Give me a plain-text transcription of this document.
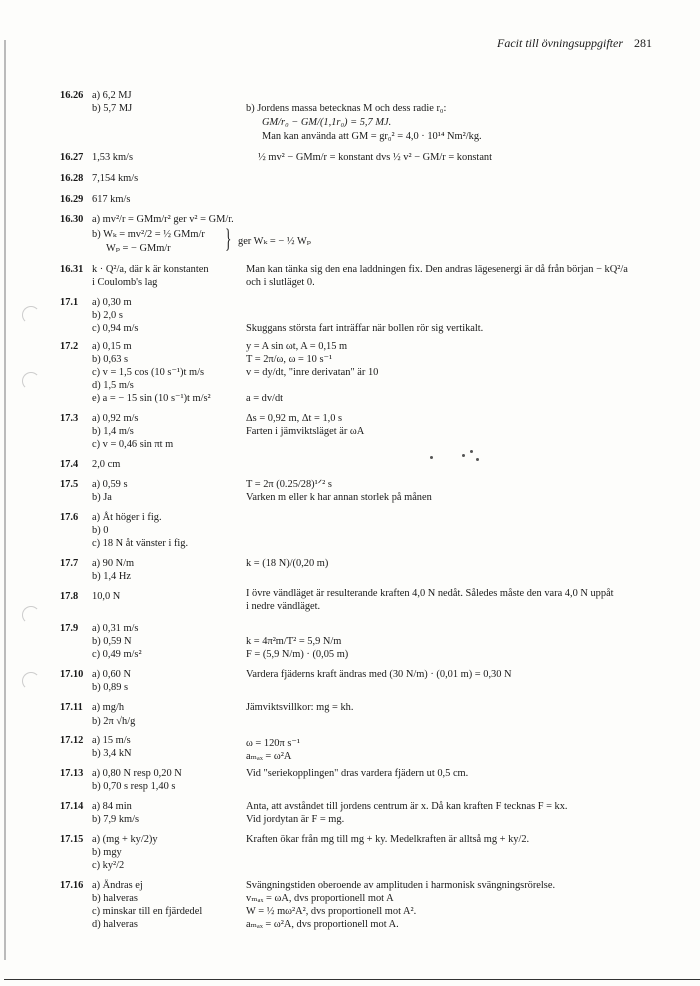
Facit till övningsuppgifter 281
16.26 a) 6,2 MJ
b) 5,7 MJ
16.27 1,53 km/s
16.28 7,154 km/s
16.29 617 km/s
16.30 a) mv²/r = GMm/r² ger v² = GM/r.
b) Wₖ = mv²/2 = ½ GMm/r
Wₚ = − GMm/r } ger Wₖ = − ½ Wₚ
16.31 k · Q²/a, där k är konstanten
i Coulomb's lag
17.1 a) 0,30 m
b) 2,0 s
c) 0,94 m/s
17.2 a) 0,15 m
b) 0,63 s
c) v = 1,5 cos (10 s⁻¹)t m/s
d) 1,5 m/s
e) a = − 15 sin (10 s⁻¹)t m/s²
17.3 a) 0,92 m/s
b) 1,4 m/s
c) v = 0,46 sin πt m
17.4 2,0 cm
17.5 a) 0,59 s
b) Ja
17.6 a) Åt höger i fig.
b) 0
c) 18 N åt vänster i fig.
17.7 a) 90 N/m
b) 1,4 Hz
17.8 10,0 N
17.9 a) 0,31 m/s
b) 0,59 N
c) 0,49 m/s²
17.10 a) 0,60 N
b) 0,89 s
17.11 a) mg/h
b) 2π √h/g
17.12 a) 15 m/s
b) 3,4 kN
17.13 a) 0,80 N resp 0,20 N
b) 0,70 s resp 1,40 s
17.14 a) 84 min
b) 7,9 km/s
17.15 a) (mg + ky/2)y
b) mgy
c) ky²/2
17.16 a) Ändras ej
b) halveras
c) minskar till en fjärdedel
d) halveras
b) Jordens massa betecknas M och dess radie r₀:
GM/r₀ − GM/(1,1r₀) = 5,7 MJ.
Man kan använda att GM = gr₀² = 4,0 · 10¹⁴ Nm²/kg.
½ mv² − GMm/r = konstant dvs ½ v² − GM/r = konstant
Man kan tänka sig den ena laddningen fix. Den andras lägesenergi är då från början − kQ²/a
och i slutläget 0.
Skuggans största fart inträffar när bollen rör sig vertikalt.
y = A sin ωt, A = 0,15 m
T = 2π/ω, ω = 10 s⁻¹
v = dy/dt, "inre derivatan" är 10
a = dv/dt
Δs = 0,92 m, Δt = 1,0 s
Farten i jämviktsläget är ωA
T = 2π (0.25/28)¹ᐟ² s
Varken m eller k har annan storlek på månen
k = (18 N)/(0,20 m)
I övre vändläget är resulterande kraften 4,0 N nedåt. Således måste den vara 4,0 N uppåt
i nedre vändläget.
k = 4π²m/T² = 5,9 N/m
F = (5,9 N/m) · (0,05 m)
Vardera fjäderns kraft ändras med (30 N/m) · (0,01 m) = 0,30 N
Jämviktsvillkor: mg = kh.
ω = 120π s⁻¹
aₘₐₓ = ω²A
Vid "seriekopplingen" dras vardera fjädern ut 0,5 cm.
Anta, att avståndet till jordens centrum är x. Då kan kraften F tecknas F = kx.
Vid jordytan är F = mg.
Kraften ökar från mg till mg + ky. Medelkraften är alltså mg + ky/2.
Svängningstiden oberoende av amplituden i harmonisk svängningsrörelse.
vₘₐₓ = ωA, dvs proportionell mot A
W = ½ mω²A², dvs proportionell mot A².
aₘₐₓ = ω²A, dvs proportionell mot A.
